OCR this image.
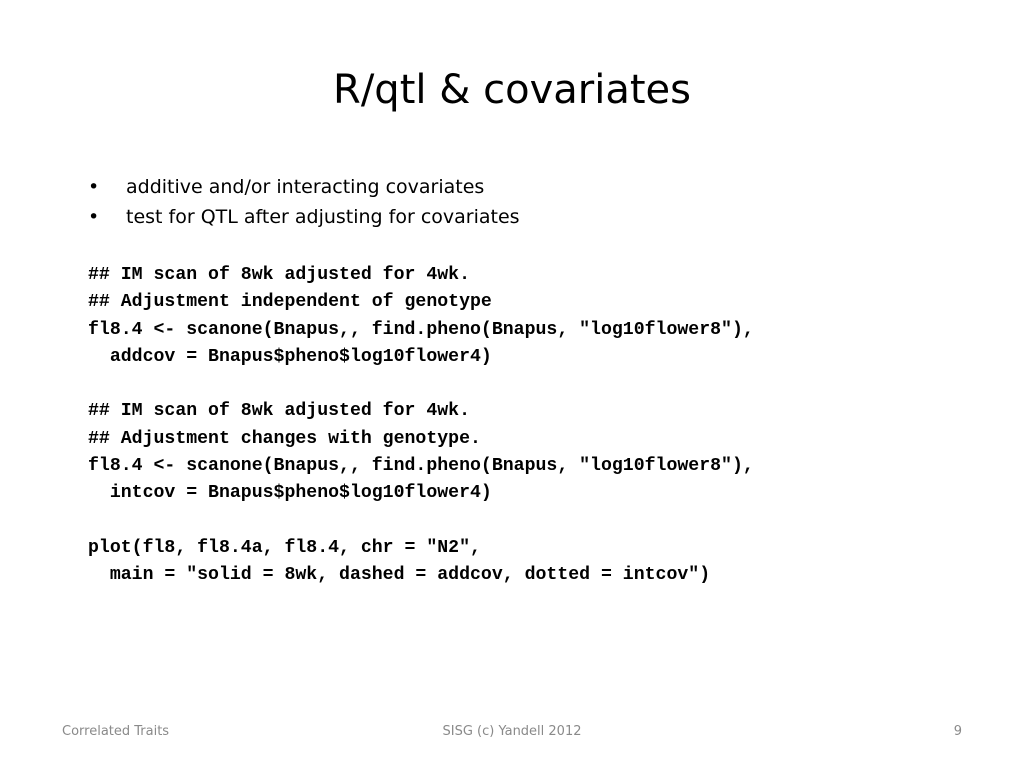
R/qtl & covariates
• additive and/or interacting covariates
• test for QTL after adjusting for covariates
## IM scan of 8wk adjusted for 4wk.
## Adjustment independent of genotype
fl8.4 <- scanone(Bnapus,, find.pheno(Bnapus, "log10flower8"),
addcov = Bnapus$pheno$log10flower4)
## IM scan of 8wk adjusted for 4wk.
## Adjustment changes with genotype.
fl8.4 <- scanone(Bnapus,, find.pheno(Bnapus, "log10flower8"),
intcov = Bnapus$pheno$log10flower4)
plot(fl8, fl8.4a, fl8.4, chr = "N2",
main = "solid = 8wk, dashed = addcov, dotted = intcov")
Correlated Traits	SISG (c) Yandell 2012	9
